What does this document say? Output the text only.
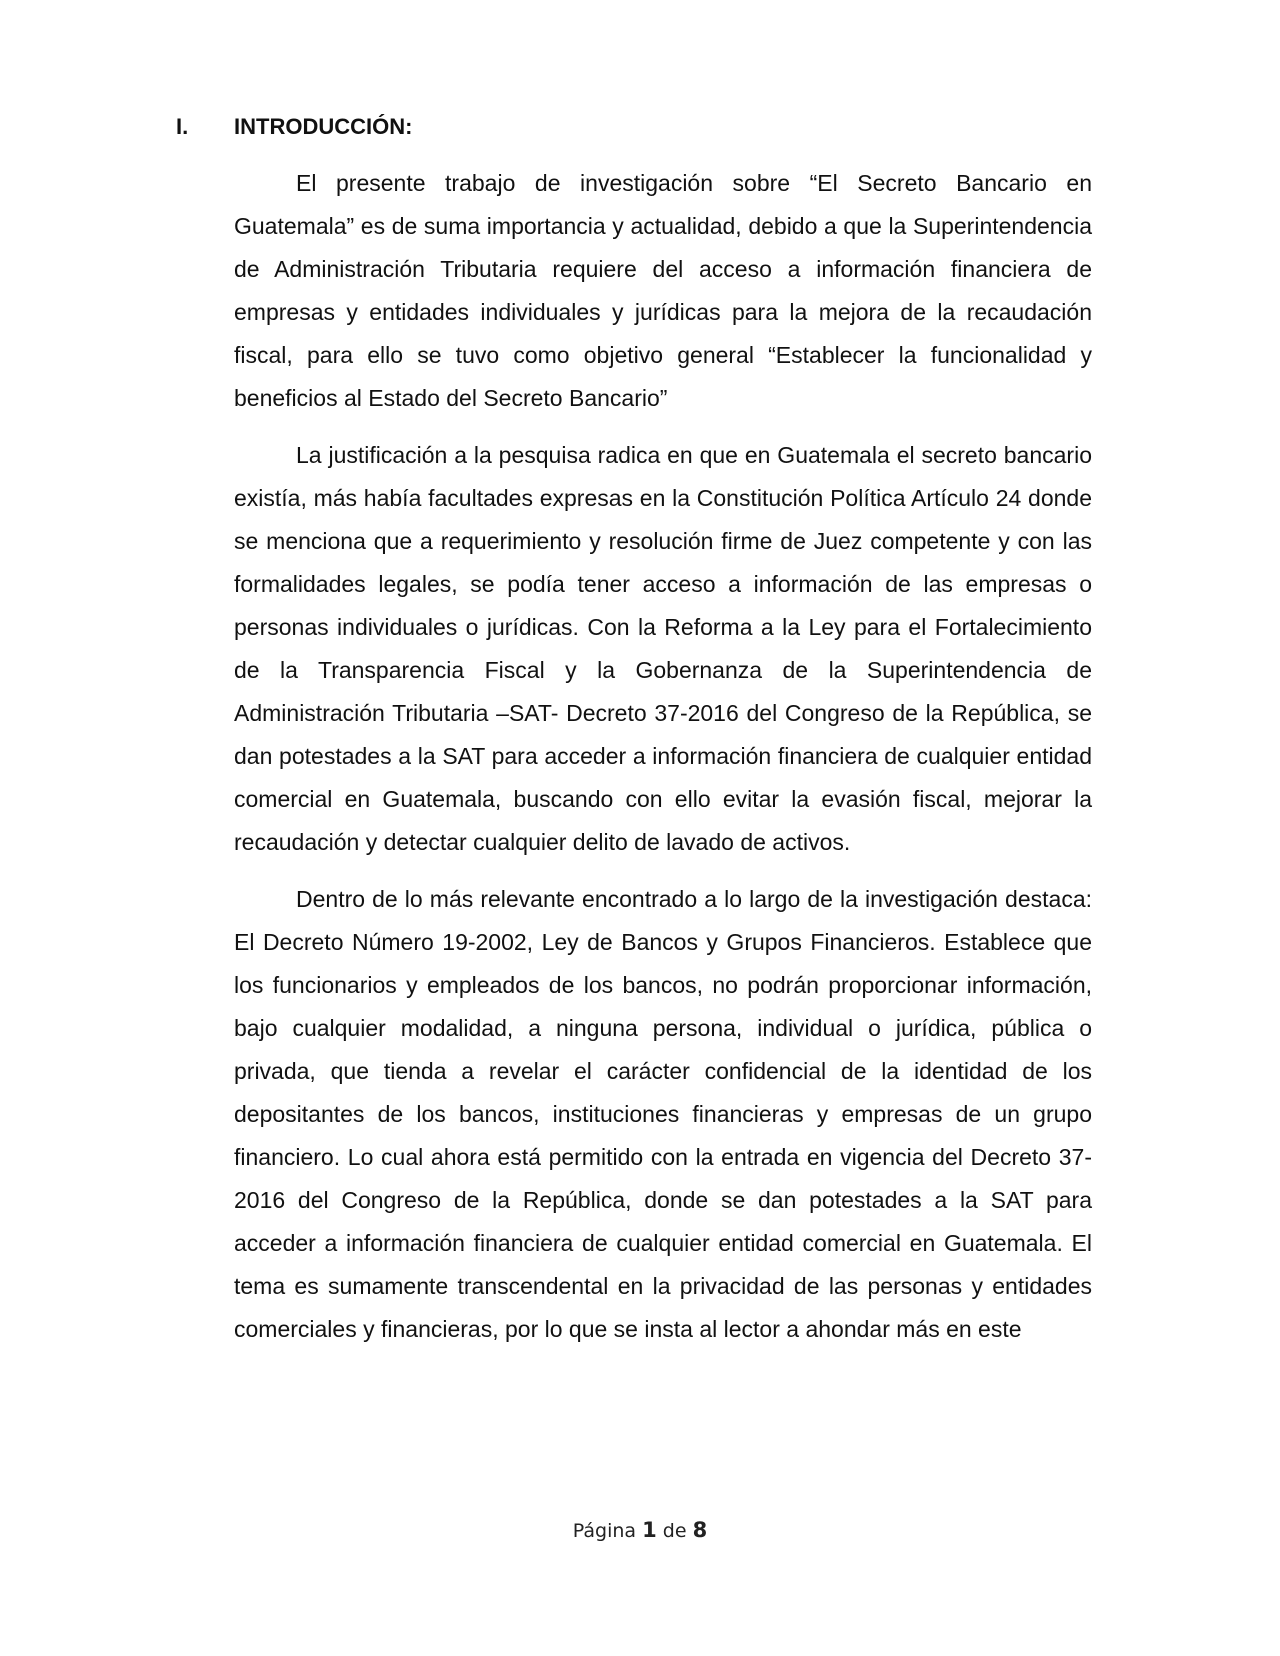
I. INTRODUCCIÓN:

El presente trabajo de investigación sobre “El Secreto Bancario en Guatemala” es de suma importancia y actualidad, debido a que la Superintendencia de Administración Tributaria requiere del acceso a información financiera de empresas y entidades individuales y jurídicas para la mejora de la recaudación fiscal, para ello se tuvo como objetivo general “Establecer la funcionalidad y beneficios al Estado del Secreto Bancario”

La justificación a la pesquisa radica en que en Guatemala el secreto bancario existía, más había facultades expresas en la Constitución Política Artículo 24 donde se menciona que a requerimiento y resolución firme de Juez competente y con las formalidades legales, se podía tener acceso a información de las empresas o personas individuales o jurídicas. Con la Reforma a la Ley para el Fortalecimiento de la Transparencia Fiscal y la Gobernanza de la Superintendencia de Administración Tributaria –SAT- Decreto 37-2016 del Congreso de la República, se dan potestades a la SAT para acceder a información financiera de cualquier entidad comercial en Guatemala, buscando con ello evitar la evasión fiscal, mejorar la recaudación y detectar cualquier delito de lavado de activos.

Dentro de lo más relevante encontrado a lo largo de la investigación destaca: El Decreto Número 19-2002, Ley de Bancos y Grupos Financieros. Establece que los funcionarios y empleados de los bancos, no podrán proporcionar información, bajo cualquier modalidad, a ninguna persona, individual o jurídica, pública o privada, que tienda a revelar el carácter confidencial de la identidad de los depositantes de los bancos, instituciones financieras y empresas de un grupo financiero. Lo cual ahora está permitido con la entrada en vigencia del Decreto 37-2016 del Congreso de la República, donde se dan potestades a la SAT para acceder a información financiera de cualquier entidad comercial en Guatemala. El tema es sumamente transcendental en la privacidad de las personas y entidades comerciales y financieras, por lo que se insta al lector a ahondar más en este

Página 1 de 8
